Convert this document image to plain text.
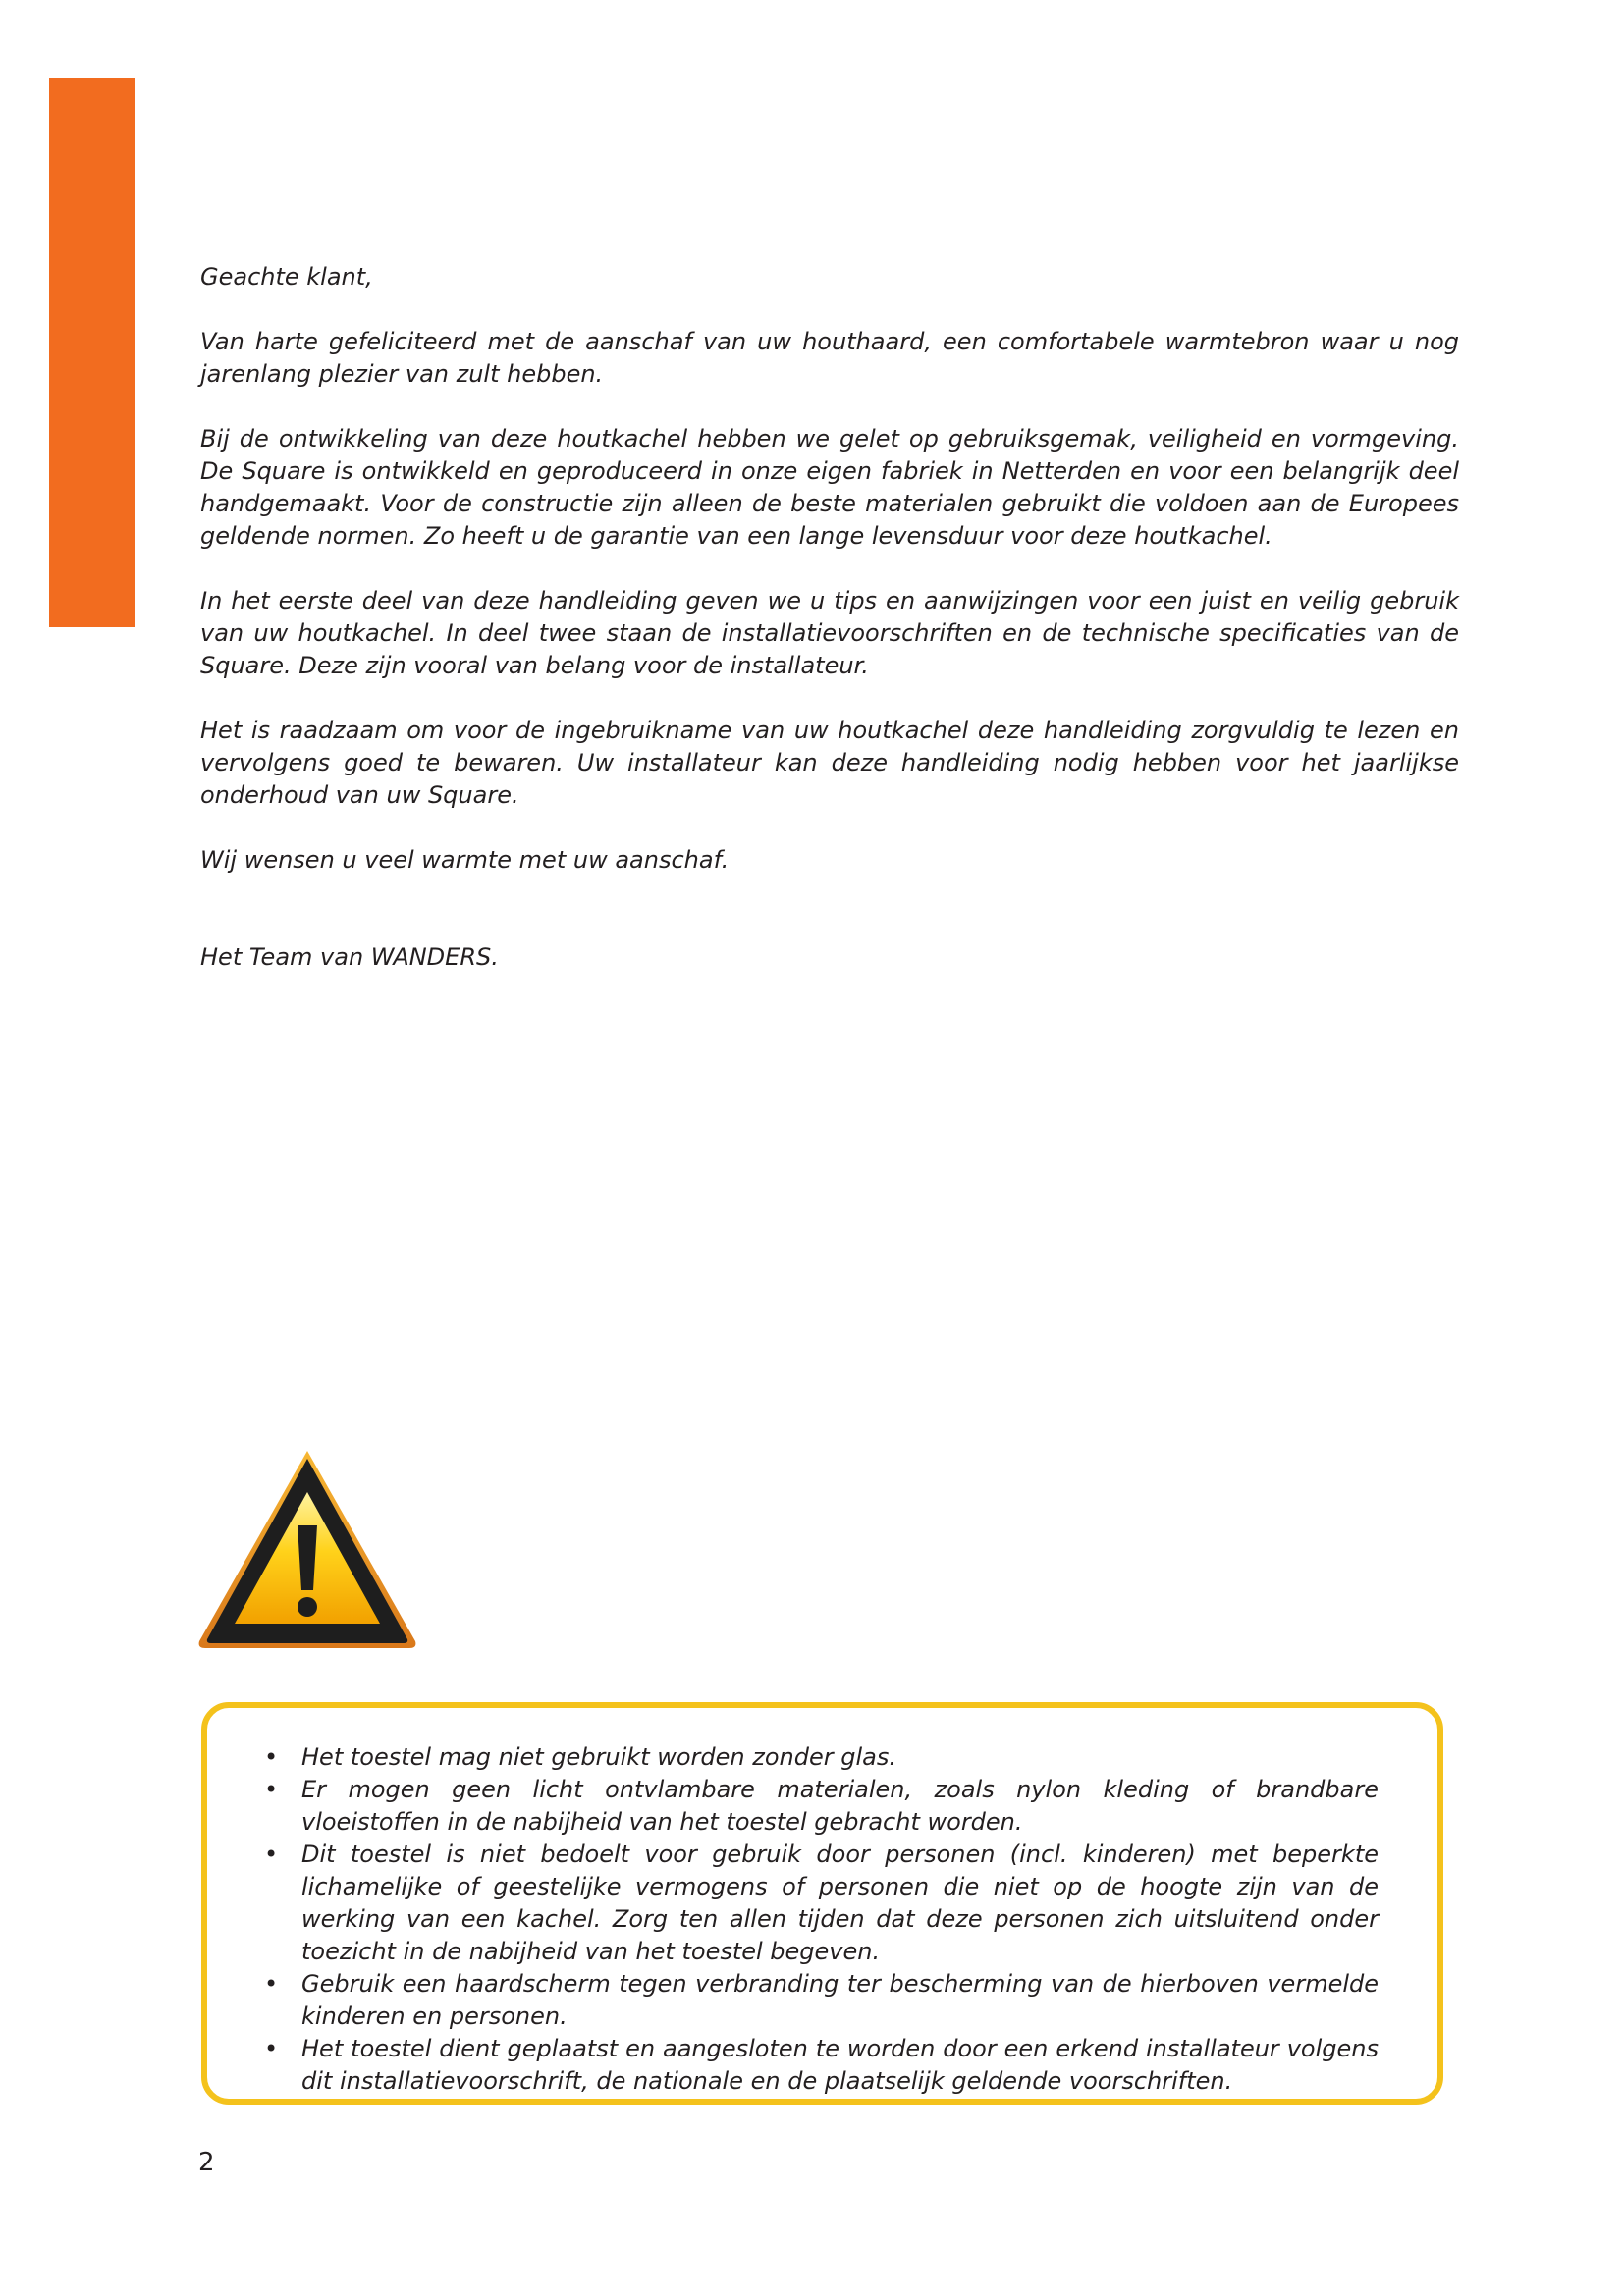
Geachte klant,

Van harte gefeliciteerd met de aanschaf van uw houthaard, een comfortabele warmtebron waar u nog jarenlang plezier van zult hebben.

Bij de ontwikkeling van deze houtkachel hebben we gelet op gebruiksgemak, veiligheid en vormgeving. De Square is ontwikkeld en geproduceerd in onze eigen fabriek in Netterden en voor een belangrijk deel handgemaakt. Voor de constructie zijn alleen de beste materialen gebruikt die voldoen aan de Europees geldende normen. Zo heeft u de garantie van een lange levensduur voor deze houtkachel.

In het eerste deel van deze handleiding geven we u tips en aanwijzingen voor een juist en veilig gebruik van uw houtkachel. In deel twee staan de installatievoorschriften en de technische specificaties van de Square. Deze zijn vooral van belang voor de installateur.

Het is raadzaam om voor de ingebruikname van uw houtkachel deze handleiding zorgvuldig te lezen en vervolgens goed te bewaren. Uw installateur kan deze handleiding nodig hebben voor het jaarlijkse onderhoud van uw Square.

Wij wensen u veel warmte met uw aanschaf.

Het Team van WANDERS.

• Het toestel mag niet gebruikt worden zonder glas.
• Er mogen geen licht ontvlambare materialen, zoals nylon kleding of brandbare vloeistoffen in de nabijheid van het toestel gebracht worden.
• Dit toestel is niet bedoelt voor gebruik door personen (incl. kinderen) met beperkte lichamelijke of geestelijke vermogens of personen die niet op de hoogte zijn van de werking van een kachel. Zorg ten allen tijden dat deze personen zich uitsluitend onder toezicht in de nabijheid van het toestel begeven.
• Gebruik een haardscherm tegen verbranding ter bescherming van de hierboven vermelde kinderen en personen.
• Het toestel dient geplaatst en aangesloten te worden door een erkend installateur volgens dit installatievoorschrift, de nationale en de plaatselijk geldende voorschriften.
2
